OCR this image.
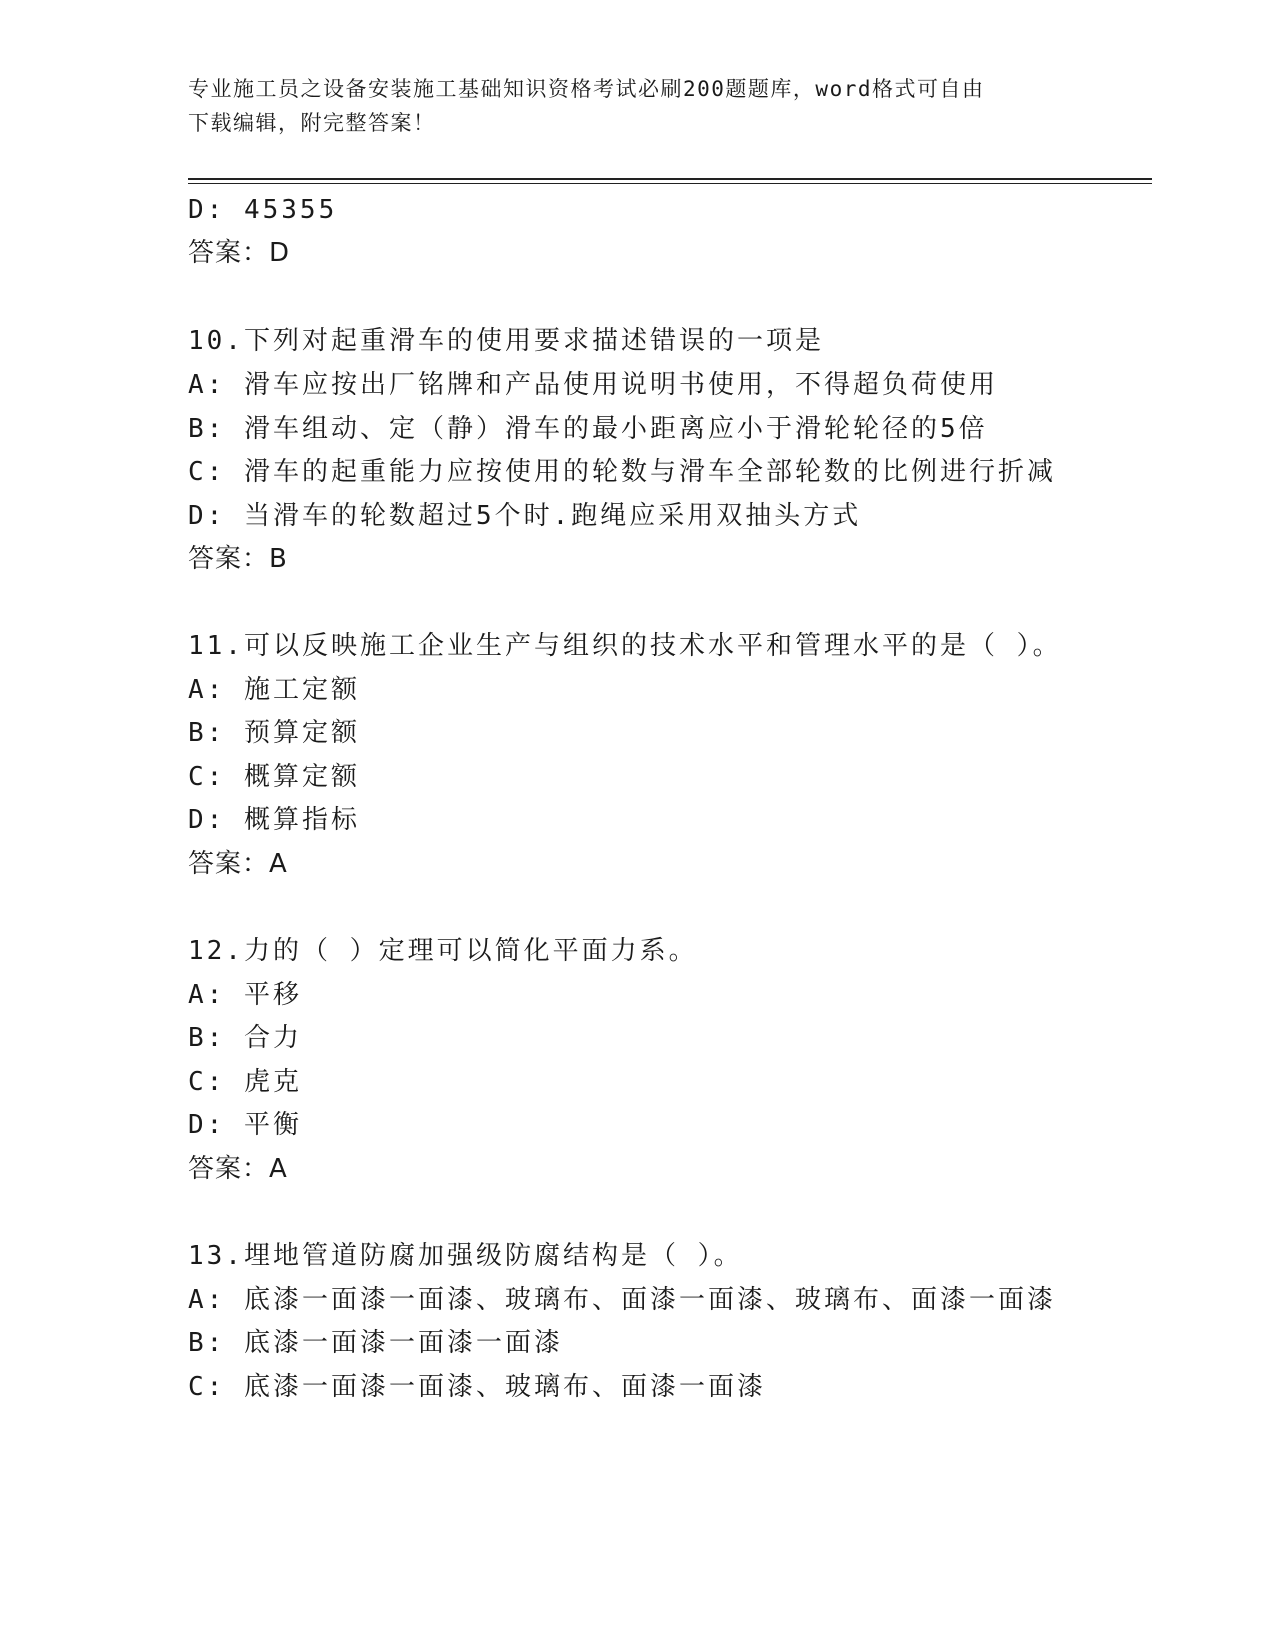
专业施工员之设备安装施工基础知识资格考试必刷200题题库，word格式可自由
下载编辑，附完整答案！
D: 45355
答案：D
10.下列对起重滑车的使用要求描述错误的一项是
A: 滑车应按出厂铭牌和产品使用说明书使用，不得超负荷使用
B: 滑车组动、定（静）滑车的最小距离应小于滑轮轮径的5倍
C: 滑车的起重能力应按使用的轮数与滑车全部轮数的比例进行折减
D: 当滑车的轮数超过5个时.跑绳应采用双抽头方式
答案：B
11.可以反映施工企业生产与组织的技术水平和管理水平的是（ ）。
A: 施工定额
B: 预算定额
C: 概算定额
D: 概算指标
答案：A
12.力的（ ）定理可以简化平面力系。
A: 平移
B: 合力
C: 虎克
D: 平衡
答案：A
13.埋地管道防腐加强级防腐结构是（ ）。
A: 底漆一面漆一面漆、玻璃布、面漆一面漆、玻璃布、面漆一面漆
B: 底漆一面漆一面漆一面漆
C: 底漆一面漆一面漆、玻璃布、面漆一面漆
